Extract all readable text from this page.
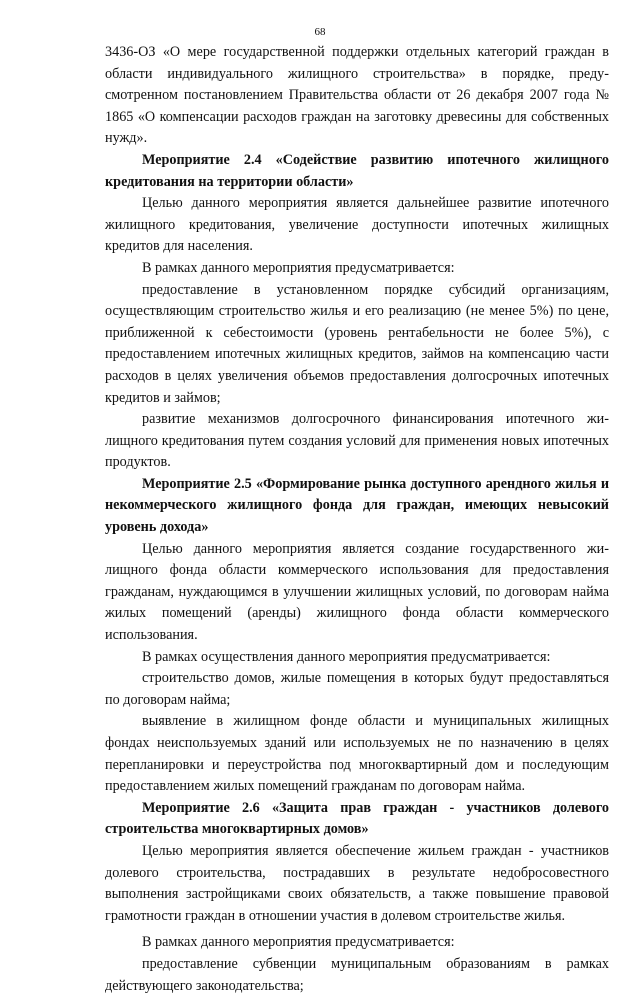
68

3436-ОЗ «О мере государственной поддержки отдельных категорий граждан в области индивидуального жилищного строительства» в порядке, предусмотренном постановлением Правительства области от 26 декабря 2007 года № 1865 «О компенсации расходов граждан на заготовку древесины для собственных нужд».

Мероприятие 2.4 «Содействие развитию ипотечного жилищного кредитования на территории области»

Целью данного мероприятия является дальнейшее развитие ипотечного жилищного кредитования, увеличение доступности ипотечных жилищных кредитов для населения.

В рамках данного мероприятия предусматривается:

предоставление в установленном порядке субсидий организациям, осуществляющим строительство жилья и его реализацию (не менее 5%) по цене, приближенной к себестоимости (уровень рентабельности не более 5%), с предоставлением ипотечных жилищных кредитов, займов на компенсацию части расходов в целях увеличения объемов предоставления долгосрочных ипотечных кредитов и займов;

развитие механизмов долгосрочного финансирования ипотечного жилищного кредитования путем создания условий для применения новых ипотечных продуктов.

Мероприятие 2.5 «Формирование рынка доступного арендного жилья и некоммерческого жилищного фонда для граждан, имеющих невысокий уровень дохода»

Целью данного мероприятия является создание государственного жилищного фонда области коммерческого использования для предоставления гражданам, нуждающимся в улучшении жилищных условий, по договорам найма жилых помещений (аренды) жилищного фонда области коммерческого использования.

В рамках осуществления данного мероприятия предусматривается:

строительство домов, жилые помещения в которых будут предоставляться по договорам найма;

выявление в жилищном фонде области и муниципальных жилищных фондах неиспользуемых зданий или используемых не по назначению в целях перепланировки и переустройства под многоквартирный дом и последующим предоставлением жилых помещений гражданам по договорам найма.

Мероприятие 2.6 «Защита прав граждан - участников долевого строительства многоквартирных домов»

Целью мероприятия является обеспечение жильем граждан - участников долевого строительства, пострадавших в результате недобросовестного выполнения застройщиками своих обязательств, а также повышение правовой грамотности граждан в отношении участия в долевом строительстве жилья.

В рамках данного мероприятия предусматривается:

предоставление субвенции муниципальным образованиям в рамках действующего законодательства;
